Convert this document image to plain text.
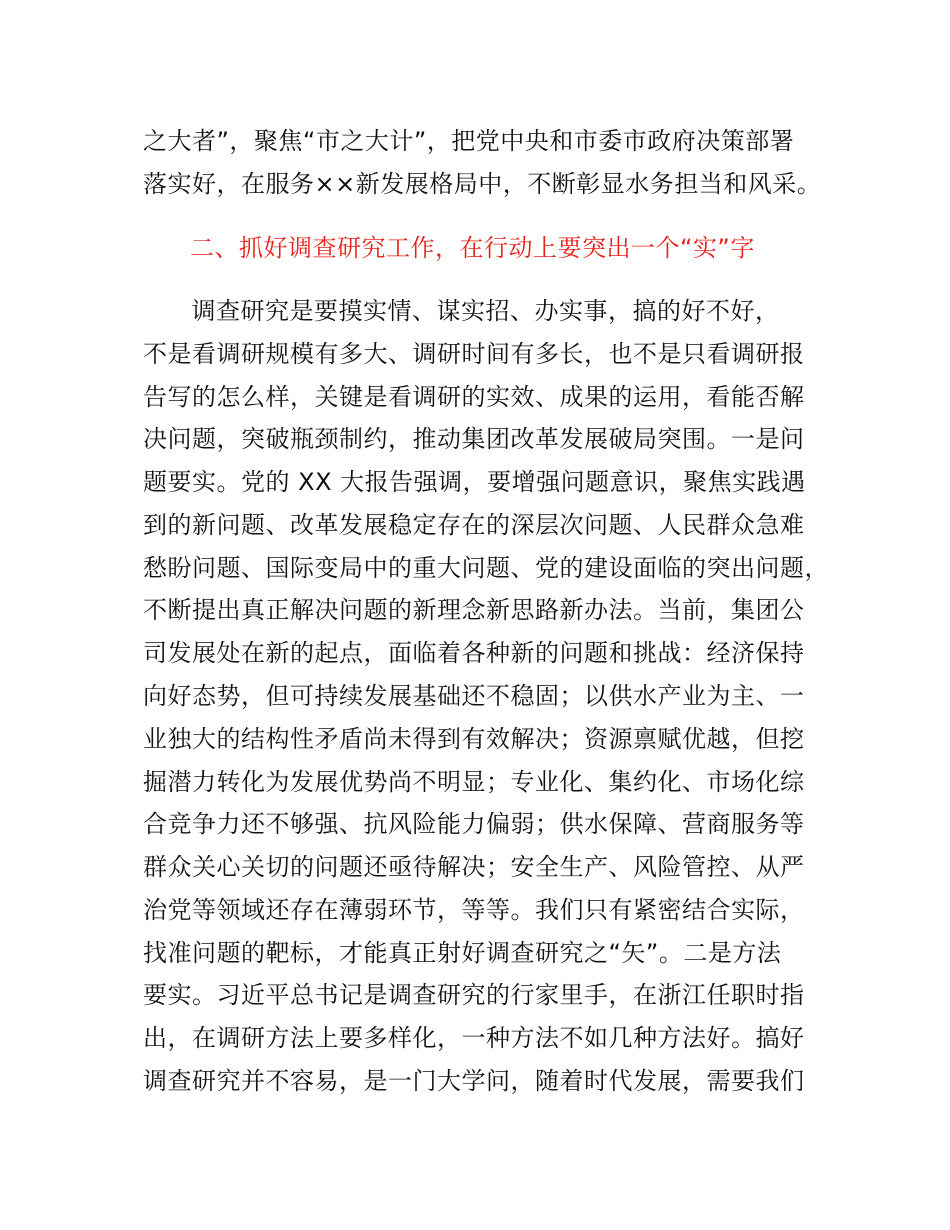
之大者”，聚焦“市之大计”，把党中央和市委市政府决策部署
落实好，在服务××新发展格局中，不断彰显水务担当和风采。
二、抓好调查研究工作，在行动上要突出一个“实”字
　调查研究是要摸实情、谋实招、办实事，搞的好不好，
不是看调研规模有多大、调研时间有多长，也不是只看调研报
告写的怎么样，关键是看调研的实效、成果的运用，看能否解
决问题，突破瓶颈制约，推动集团改革发展破局突围。一是问
题要实。党的 XX 大报告强调，要增强问题意识，聚焦实践遇
到的新问题、改革发展稳定存在的深层次问题、人民群众急难
愁盼问题、国际变局中的重大问题、党的建设面临的突出问题，
不断提出真正解决问题的新理念新思路新办法。当前，集团公
司发展处在新的起点，面临着各种新的问题和挑战：经济保持
向好态势，但可持续发展基础还不稳固；以供水产业为主、一
业独大的结构性矛盾尚未得到有效解决；资源禀赋优越，但挖
掘潜力转化为发展优势尚不明显；专业化、集约化、市场化综
合竞争力还不够强、抗风险能力偏弱；供水保障、营商服务等
群众关心关切的问题还亟待解决；安全生产、风险管控、从严
治党等领域还存在薄弱环节，等等。我们只有紧密结合实际，
找准问题的靶标，才能真正射好调查研究之“矢”。二是方法
要实。习近平总书记是调查研究的行家里手，在浙江任职时指
出，在调研方法上要多样化，一种方法不如几种方法好。搞好
调查研究并不容易，是一门大学问，随着时代发展，需要我们
